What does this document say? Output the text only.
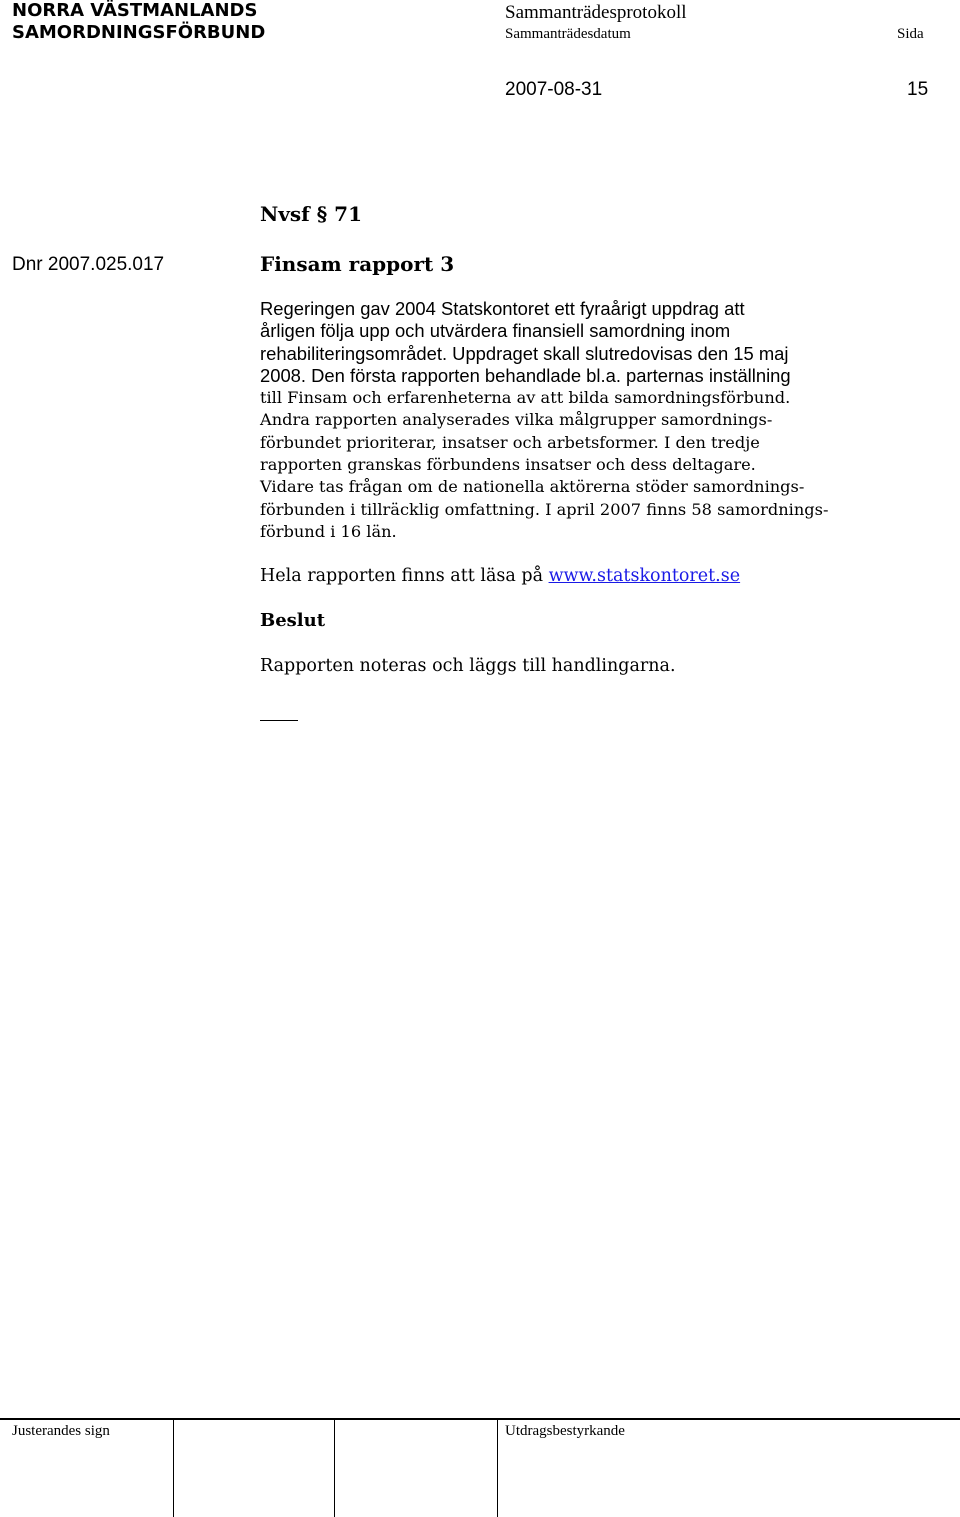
NORRA VÄSTMANLANDS
SAMORDNINGSFÖRBUND
Sammanträdesprotokoll
Sammanträdesdatum	Sida
2007-08-31	15
Nvsf § 71
Dnr 2007.025.017	Finsam rapport 3
Regeringen gav 2004 Statskontoret ett fyraårigt uppdrag att
årligen följa upp och utvärdera finansiell samordning inom
rehabiliteringsområdet. Uppdraget skall slutredovisas den 15 maj
2008. Den första rapporten behandlade bl.a. parternas inställning
till Finsam och erfarenheterna av att bilda samordningsförbund.
Andra rapporten analyserades vilka målgrupper samordnings-
förbundet prioriterar, insatser och arbetsformer. I den tredje
rapporten granskas förbundens insatser och dess deltagare.
Vidare tas frågan om de nationella aktörerna stöder samordnings-
förbunden i tillräcklig omfattning. I april 2007 finns 58 samordnings-
förbund i 16 län.
Hela rapporten finns att läsa på www.statskontoret.se
Beslut
Rapporten noteras och läggs till handlingarna.
Justerandes sign	Utdragsbestyrkande
